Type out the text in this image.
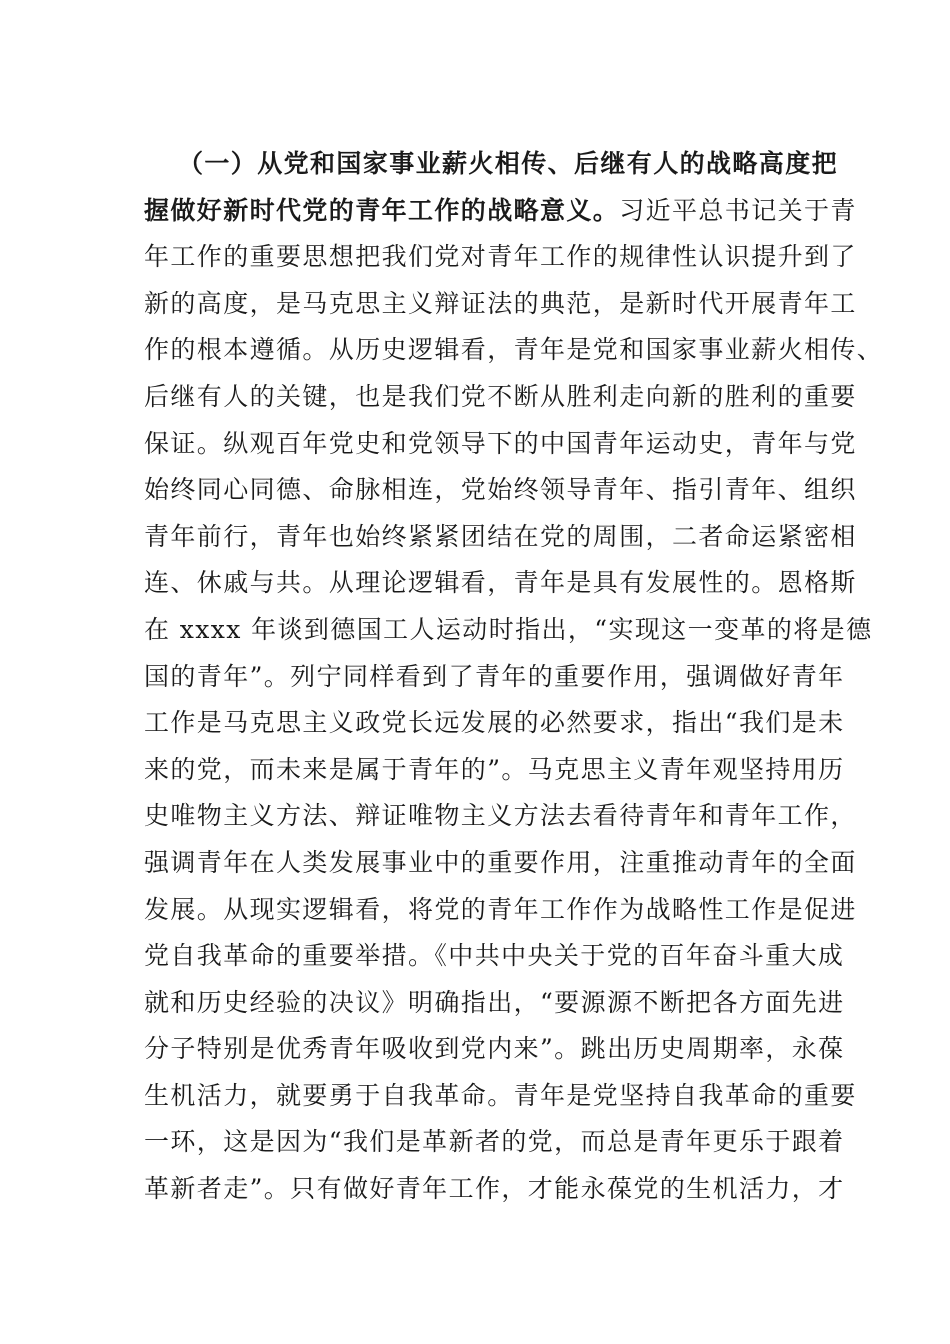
（一）从党和国家事业薪火相传、后继有人的战略高度把
握做好新时代党的青年工作的战略意义。习近平总书记关于青
年工作的重要思想把我们党对青年工作的规律性认识提升到了
新的高度，是马克思主义辩证法的典范，是新时代开展青年工
作的根本遵循。从历史逻辑看，青年是党和国家事业薪火相传、
后继有人的关键，也是我们党不断从胜利走向新的胜利的重要
保证。纵观百年党史和党领导下的中国青年运动史，青年与党
始终同心同德、命脉相连，党始终领导青年、指引青年、组织
青年前行，青年也始终紧紧团结在党的周围，二者命运紧密相
连、休戚与共。从理论逻辑看，青年是具有发展性的。恩格斯
在 xxxx 年谈到德国工人运动时指出，“实现这一变革的将是德
国的青年”。列宁同样看到了青年的重要作用，强调做好青年
工作是马克思主义政党长远发展的必然要求，指出“我们是未
来的党，而未来是属于青年的”。马克思主义青年观坚持用历
史唯物主义方法、辩证唯物主义方法去看待青年和青年工作，
强调青年在人类发展事业中的重要作用，注重推动青年的全面
发展。从现实逻辑看，将党的青年工作作为战略性工作是促进
党自我革命的重要举措。《中共中央关于党的百年奋斗重大成
就和历史经验的决议》明确指出，“要源源不断把各方面先进
分子特别是优秀青年吸收到党内来”。跳出历史周期率，永葆
生机活力，就要勇于自我革命。青年是党坚持自我革命的重要
一环，这是因为“我们是革新者的党，而总是青年更乐于跟着
革新者走”。只有做好青年工作，才能永葆党的生机活力，才
